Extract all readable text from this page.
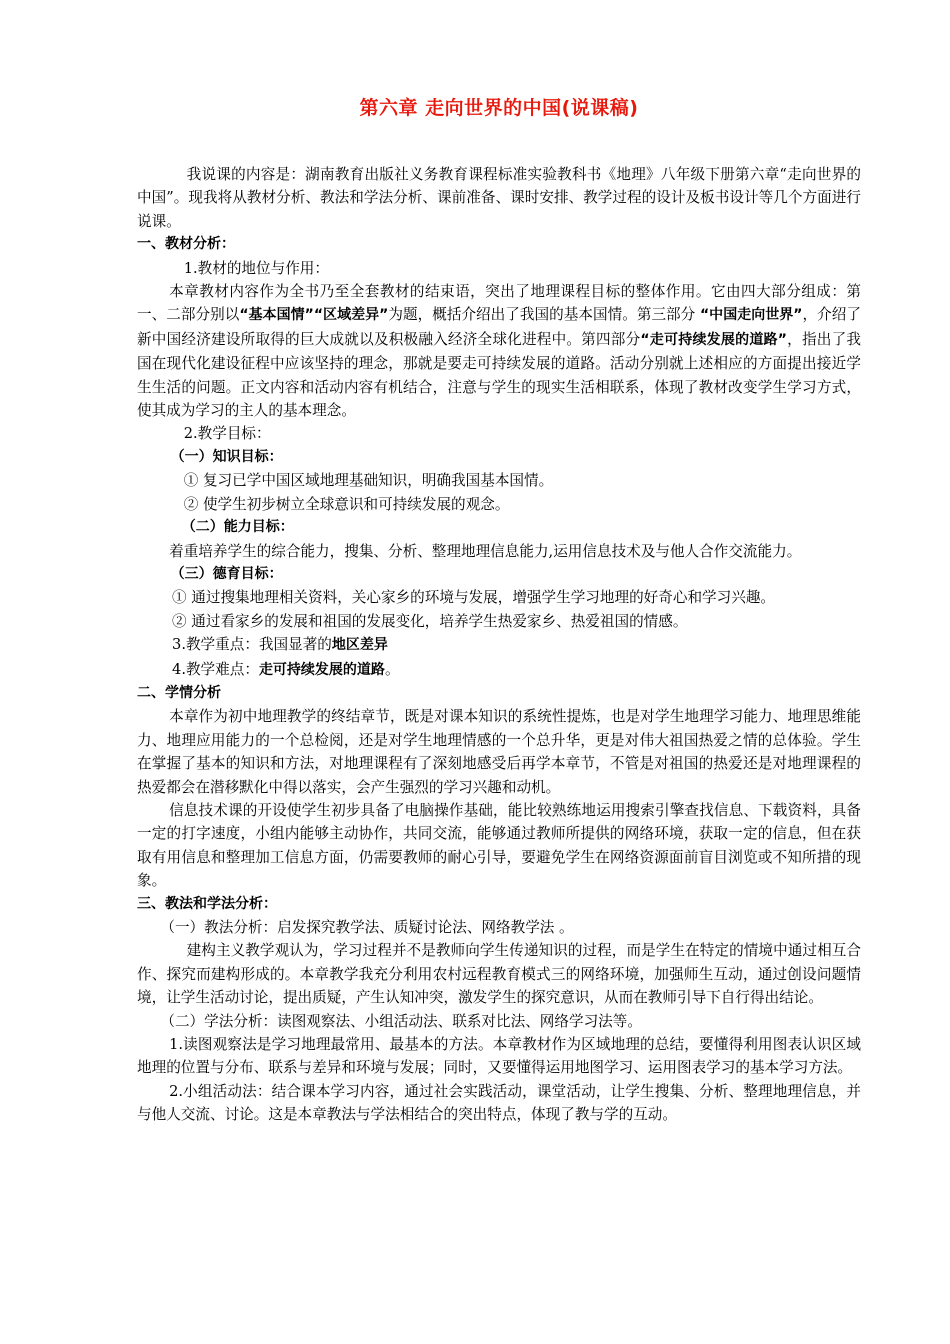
第六章 走向世界的中国(说课稿)

我说课的内容是：湖南教育出版社义务教育课程标准实验教科书《地理》八年级下册第六章“走向世界的中国”。现我将从教材分析、教法和学法分析、课前准备、课时安排、教学过程的设计及板书设计等几个方面进行说课。

一、教材分析：

1.教材的地位与作用：

本章教材内容作为全书乃至全套教材的结束语，突出了地理课程目标的整体作用。它由四大部分组成：第一、二部分别以“基本国情”“区域差异”为题，概括介绍出了我国的基本国情。第三部分 “中国走向世界”，介绍了新中国经济建设所取得的巨大成就以及积极融入经济全球化进程中。第四部分“走可持续发展的道路”，指出了我国在现代化建设征程中应该坚持的理念，那就是要走可持续发展的道路。活动分别就上述相应的方面提出接近学生生活的问题。正文内容和活动内容有机结合，注意与学生的现实生活相联系，体现了教材改变学生学习方式，使其成为学习的主人的基本理念。

2.教学目标：

（一）知识目标：

① 复习已学中国区域地理基础知识，明确我国基本国情。

② 使学生初步树立全球意识和可持续发展的观念。

（二）能力目标：

着重培养学生的综合能力，搜集、分析、整理地理信息能力,运用信息技术及与他人合作交流能力。

（三）德育目标：

① 通过搜集地理相关资料，关心家乡的环境与发展，增强学生学习地理的好奇心和学习兴趣。

② 通过看家乡的发展和祖国的发展变化，培养学生热爱家乡、热爱祖国的情感。

3.教学重点：我国显著的地区差异

4.教学难点：走可持续发展的道路。

二、学情分析

本章作为初中地理教学的终结章节，既是对课本知识的系统性提炼，也是对学生地理学习能力、地理思维能力、地理应用能力的一个总检阅，还是对学生地理情感的一个总升华，更是对伟大祖国热爱之情的总体验。学生在掌握了基本的知识和方法，对地理课程有了深刻地感受后再学本章节，不管是对祖国的热爱还是对地理课程的热爱都会在潜移默化中得以落实，会产生强烈的学习兴趣和动机。

信息技术课的开设使学生初步具备了电脑操作基础，能比较熟练地运用搜索引擎查找信息、下载资料，具备一定的打字速度，小组内能够主动协作，共同交流，能够通过教师所提供的网络环境，获取一定的信息，但在获取有用信息和整理加工信息方面，仍需要教师的耐心引导，要避免学生在网络资源面前盲目浏览或不知所措的现象。

三、教法和学法分析：

（一）教法分析：启发探究教学法、质疑讨论法、网络教学法 。

建构主义教学观认为，学习过程并不是教师向学生传递知识的过程，而是学生在特定的情境中通过相互合作、探究而建构形成的。本章教学我充分利用农村远程教育模式三的网络环境，加强师生互动，通过创设问题情境，让学生活动讨论，提出质疑，产生认知冲突，激发学生的探究意识，从而在教师引导下自行得出结论。

（二）学法分析：读图观察法、小组活动法、联系对比法、网络学习法等。

1.读图观察法是学习地理最常用、最基本的方法。本章教材作为区域地理的总结，要懂得利用图表认识区域地理的位置与分布、联系与差异和环境与发展；同时，又要懂得运用地图学习、运用图表学习的基本学习方法。

2.小组活动法：结合课本学习内容，通过社会实践活动，课堂活动，让学生搜集、分析、整理地理信息，并与他人交流、讨论。这是本章教法与学法相结合的突出特点，体现了教与学的互动。
